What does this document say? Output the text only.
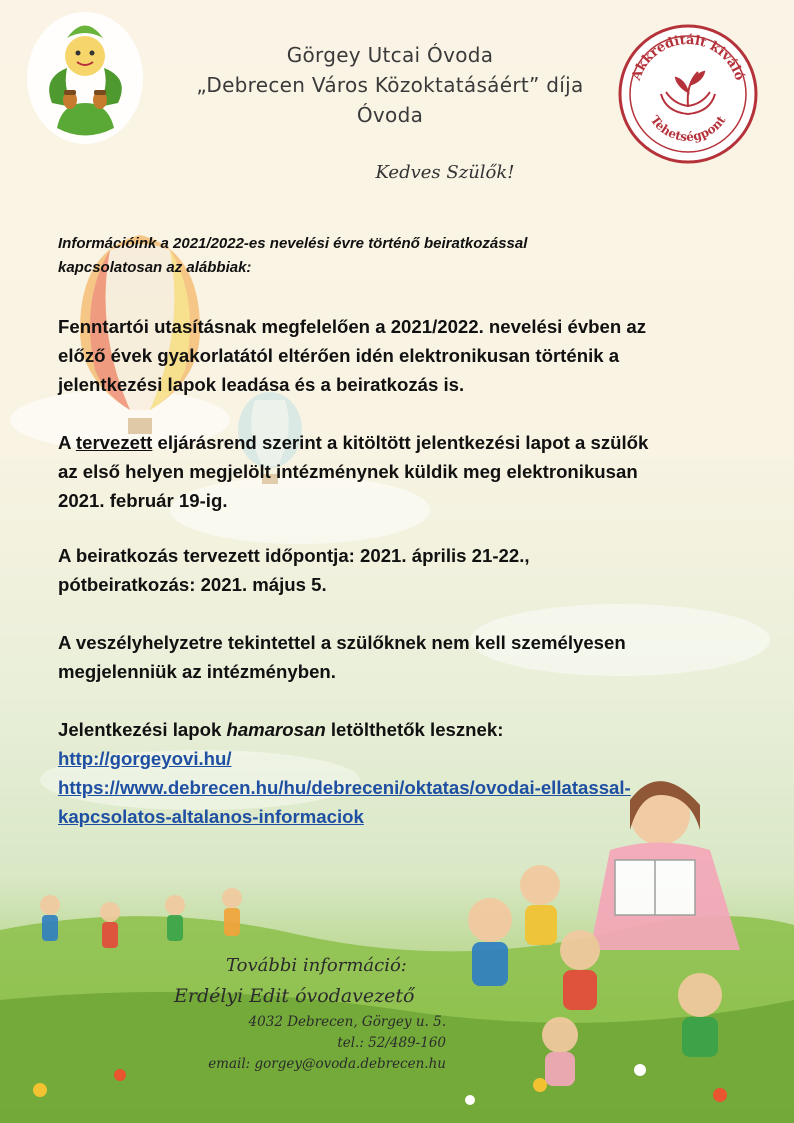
Görgey Utcai Óvoda
„Debrecen Város Közoktatásáért” díja
Óvoda
Akkreditált kiváló
Tehetségpont
Kedves Szülők!
Információink a 2021/2022-es nevelési évre történő beiratkozással
kapcsolatosan az alábbiak:
Fenntartói utasításnak megfelelően a 2021/2022. nevelési évben az
előző évek gyakorlatától eltérően idén elektronikusan történik a
jelentkezési lapok leadása és a beiratkozás is.
A tervezett eljárásrend szerint a kitöltött jelentkezési lapot a szülők
az első helyen megjelölt intézménynek küldik meg elektronikusan
2021. február 19-ig.
A beiratkozás tervezett időpontja: 2021. április 21-22.,
pótbeiratkozás: 2021. május 5.
A veszélyhelyzetre tekintettel a szülőknek nem kell személyesen
megjelenniük az intézményben.
Jelentkezési lapok hamarosan letölthetők lesznek:
http://gorgeyovi.hu/
https://www.debrecen.hu/hu/debreceni/oktatas/ovodai-ellatassal-
kapcsolatos-altalanos-informaciok
További információ:
Erdélyi Edit óvodavezető
4032 Debrecen, Görgey u. 5.
tel.: 52/489-160
email: gorgey@ovoda.debrecen.hu
